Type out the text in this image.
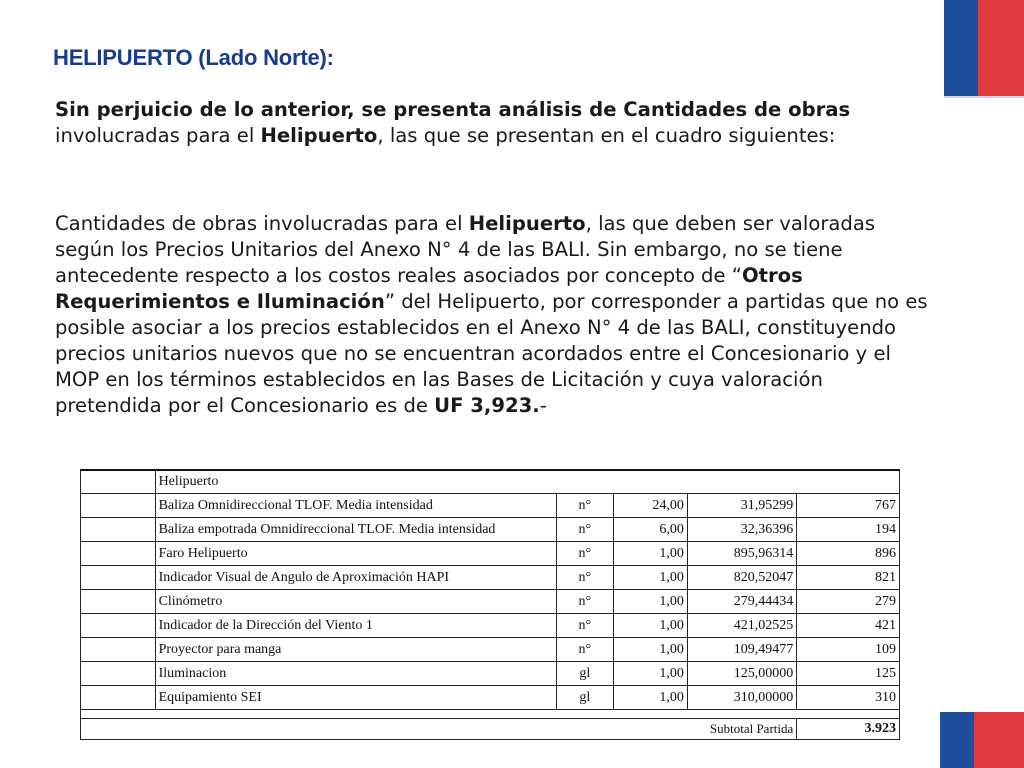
HELIPUERTO (Lado Norte):
Sin perjuicio de lo anterior, se presenta análisis de Cantidades de obras involucradas para el Helipuerto, las que se presentan en el cuadro siguientes:
Cantidades de obras involucradas para el Helipuerto, las que deben ser valoradas según los Precios Unitarios del Anexo N° 4 de las BALI. Sin embargo, no se tiene antecedente respecto a los costos reales asociados por concepto de “Otros Requerimientos e Iluminación” del Helipuerto, por corresponder a partidas que no es posible asociar a los precios establecidos en el Anexo N° 4 de las BALI, constituyendo precios unitarios nuevos que no se encuentran acordados entre el Concesionario y el MOP en los términos establecidos en las Bases de Licitación y cuya valoración pretendida por el Concesionario es de UF 3,923.-
	Helipuerto				
	Baliza Omnidireccional TLOF. Media intensidad	n°	24,00	31,95299	767
	Baliza empotrada Omnidireccional TLOF. Media intensidad	n°	6,00	32,36396	194
	Faro Helipuerto	n°	1,00	895,96314	896
	Indicador Visual de Angulo de Aproximación HAPI	n°	1,00	820,52047	821
	Clinómetro	n°	1,00	279,44434	279
	Indicador de la Dirección del Viento 1	n°	1,00	421,02525	421
	Proyector para manga	n°	1,00	109,49477	109
	Iluminacion	gl	1,00	125,00000	125
	Equipamiento SEI	gl	1,00	310,00000	310

Subtotal Partida					3.923
